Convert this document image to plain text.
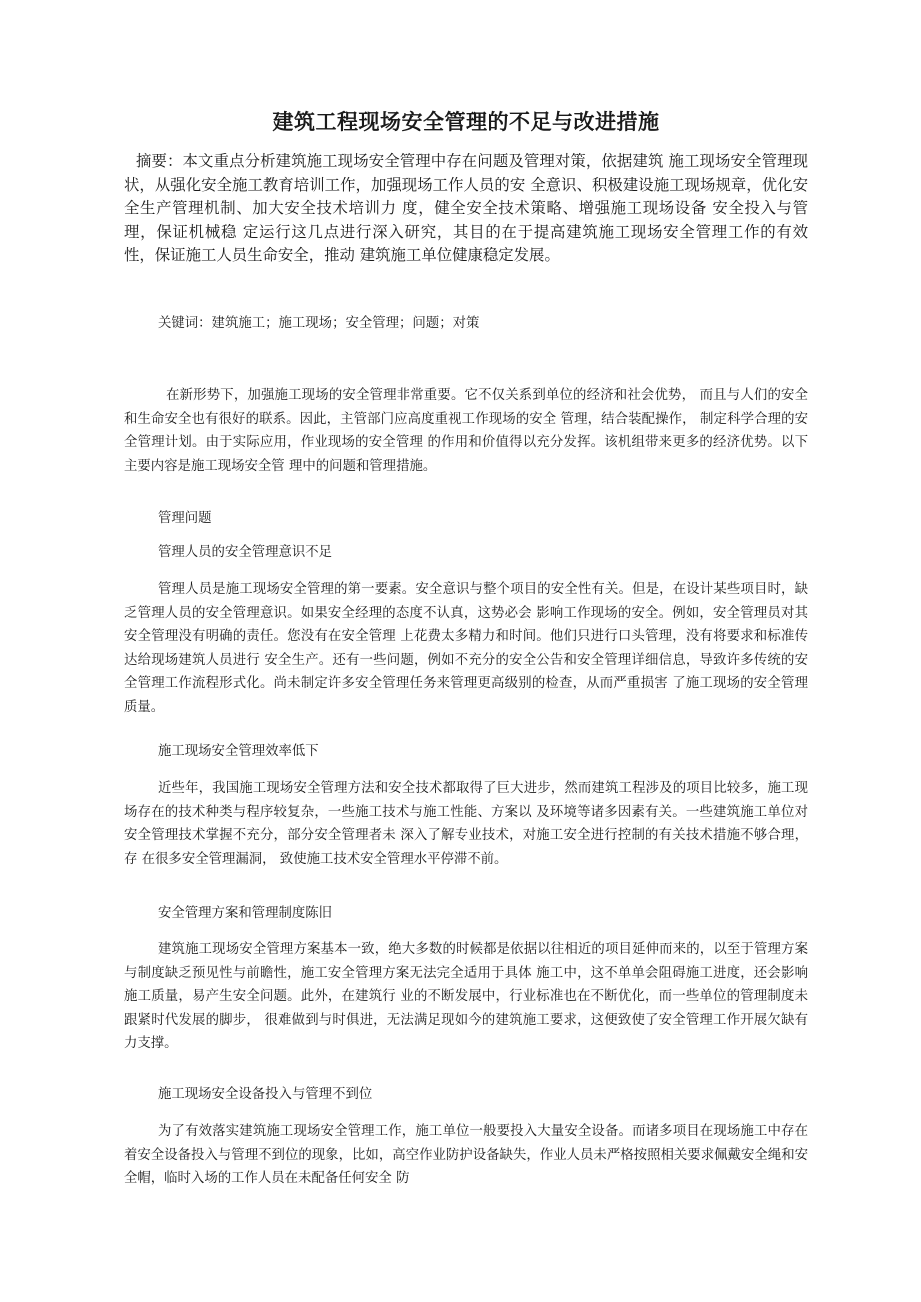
建筑工程现场安全管理的不足与改进措施

摘要：本文重点分析建筑施工现场安全管理中存在问题及管理对策，依据建筑 施工现场安全管理现状，从强化安全施工教育培训工作，加强现场工作人员的安 全意识、积极建设施工现场规章，优化安全生产管理机制、加大安全技术培训力 度，健全安全技术策略、增强施工现场设备 安全投入与管理，保证机械稳 定运行这几点进行深入研究，其目的在于提高建筑施工现场安全管理工作的有效 性，保证施工人员生命安全，推动 建筑施工单位健康稳定发展。

关键词：建筑施工；施工现场；安全管理；问题；对策

在新形势下，加强施工现场的安全管理非常重要。它不仅关系到单位的经济和社会优势， 而且与人们的安全和生命安全也有很好的联系。因此，主管部门应高度重视工作现场的安全 管理，结合装配操作， 制定科学合理的安全管理计划。由于实际应用，作业现场的安全管理 的作用和价值得以充分发挥。该机组带来更多的经济优势。以下主要内容是施工现场安全管 理中的问题和管理措施。

管理问题

管理人员的安全管理意识不足

管理人员是施工现场安全管理的第一要素。安全意识与整个项目的安全性有关。但是，在设计某些项目时，缺乏管理人员的安全管理意识。如果安全经理的态度不认真，这势必会 影响工作现场的安全。例如，安全管理员对其安全管理没有明确的责任。您没有在安全管理 上花费太多精力和时间。他们只进行口头管理，没有将要求和标准传达给现场建筑人员进行 安全生产。还有一些问题，例如不充分的安全公告和安全管理详细信息，导致许多传统的安 全管理工作流程形式化。尚未制定许多安全管理任务来管理更高级别的检查，从而严重损害 了施工现场的安全管理质量。

施工现场安全管理效率低下

近些年，我国施工现场安全管理方法和安全技术都取得了巨大进步，然而建筑工程涉及的项目比较多，施工现场存在的技术种类与程序较复杂，一些施工技术与施工性能、方案以 及环境等诸多因素有关。一些建筑施工单位对安全管理技术掌握不充分，部分安全管理者未 深入了解专业技术，对施工安全进行控制的有关技术措施不够合理，存 在很多安全管理漏洞， 致使施工技术安全管理水平停滞不前。

安全管理方案和管理制度陈旧

建筑施工现场安全管理方案基本一致，绝大多数的时候都是依据以往相近的项目延伸而来的，以至于管理方案与制度缺乏预见性与前瞻性，施工安全管理方案无法完全适用于具体 施工中，这不单单会阻碍施工进度，还会影响施工质量，易产生安全问题。此外，在建筑行 业的不断发展中，行业标准也在不断优化，而一些单位的管理制度未跟紧时代发展的脚步， 很难做到与时俱进，无法满足现如今的建筑施工要求，这便致使了安全管理工作开展欠缺有 力支撑。

施工现场安全设备投入与管理不到位

为了有效落实建筑施工现场安全管理工作，施工单位一般要投入大量安全设备。而诸多项目在现场施工中存在着安全设备投入与管理不到位的现象，比如，高空作业防护设备缺失，作业人员未严格按照相关要求佩戴安全绳和安全帽，临时入场的工作人员在未配备任何安全 防
